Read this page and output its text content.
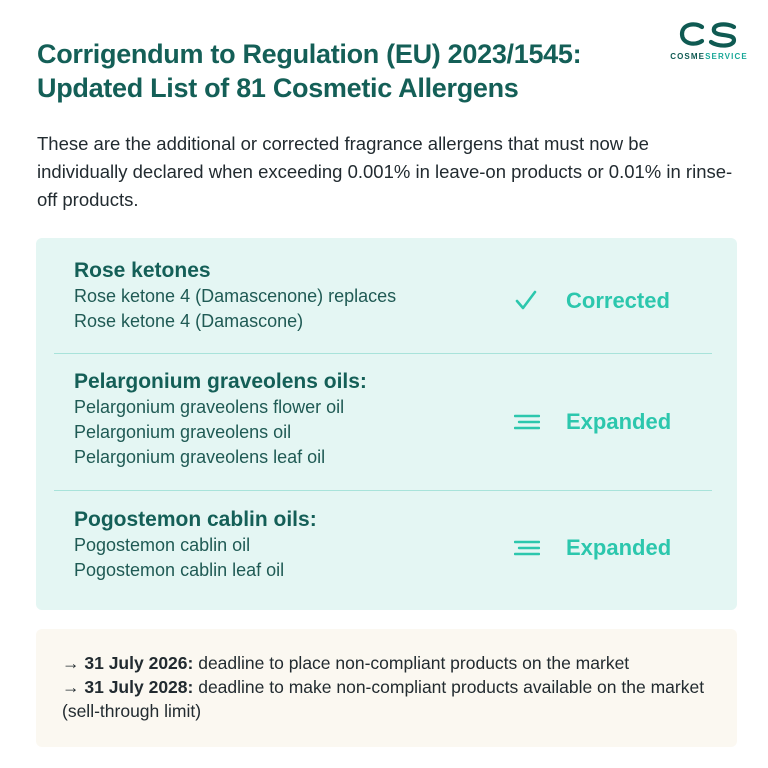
COSMESERVICE
Corrigendum to Regulation (EU) 2023/1545:
Updated List of 81 Cosmetic Allergens

These are the additional or corrected fragrance allergens that must now be individually declared when exceeding 0.001% in leave-on products or 0.01% in rinse-off products.

Rose ketones
Rose ketone 4 (Damascenone) replaces
Rose ketone 4 (Damascone)
Corrected
Pelargonium graveolens oils:
Pelargonium graveolens flower oil
Pelargonium graveolens oil
Pelargonium graveolens leaf oil
Expanded
Pogostemon cablin oils:
Pogostemon cablin oil
Pogostemon cablin leaf oil
Expanded
→ 31 July 2026: deadline to place non-compliant products on the market
→ 31 July 2028: deadline to make non-compliant products available on the market (sell-through limit)
